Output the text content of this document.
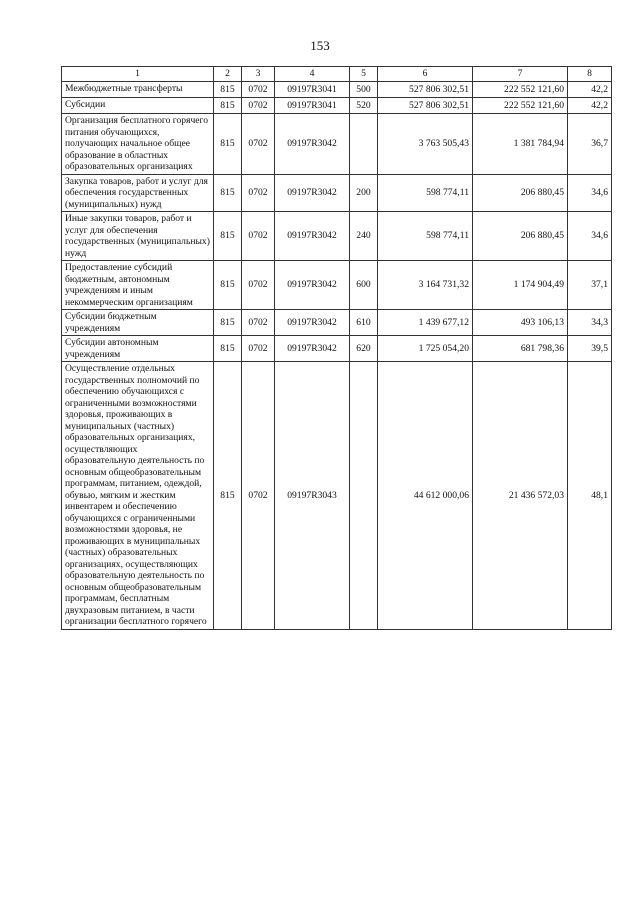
153
1	2	3	4	5	6	7	8
Межбюджетные трансферты	815	0702	09197R3041	500	527 806 302,51	222 552 121,60	42,2
Субсидии	815	0702	09197R3041	520	527 806 302,51	222 552 121,60	42,2
Организация бесплатного горячего питания обучающихся, получающих начальное общее образование в областных образовательных организациях	815	0702	09197R3042		3 763 505,43	1 381 784,94	36,7
Закупка товаров, работ и услуг для обеспечения государственных (муниципальных) нужд	815	0702	09197R3042	200	598 774,11	206 880,45	34,6
Иные закупки товаров, работ и услуг для обеспечения государственных (муниципальных) нужд	815	0702	09197R3042	240	598 774,11	206 880,45	34,6
Предоставление субсидий бюджетным, автономным учреждениям и иным некоммерческим организациям	815	0702	09197R3042	600	3 164 731,32	1 174 904,49	37,1
Субсидии бюджетным учреждениям	815	0702	09197R3042	610	1 439 677,12	493 106,13	34,3
Субсидии автономным учреждениям	815	0702	09197R3042	620	1 725 054,20	681 798,36	39,5
Осуществление отдельных государственных полномочий по обеспечению обучающихся с ограниченными возможностями здоровья, проживающих в муниципальных (частных) образовательных организациях, осуществляющих образовательную деятельность по основным общеобразовательным программам, питанием, одеждой, обувью, мягким и жестким инвентарем и обеспечению обучающихся с ограниченными возможностями здоровья, не проживающих в муниципальных (частных) образовательных организациях, осуществляющих образовательную деятельность по основным общеобразовательным программам, бесплатным двухразовым питанием, в части организации бесплатного горячего	815	0702	09197R3043		44 612 000,06	21 436 572,03	48,1
